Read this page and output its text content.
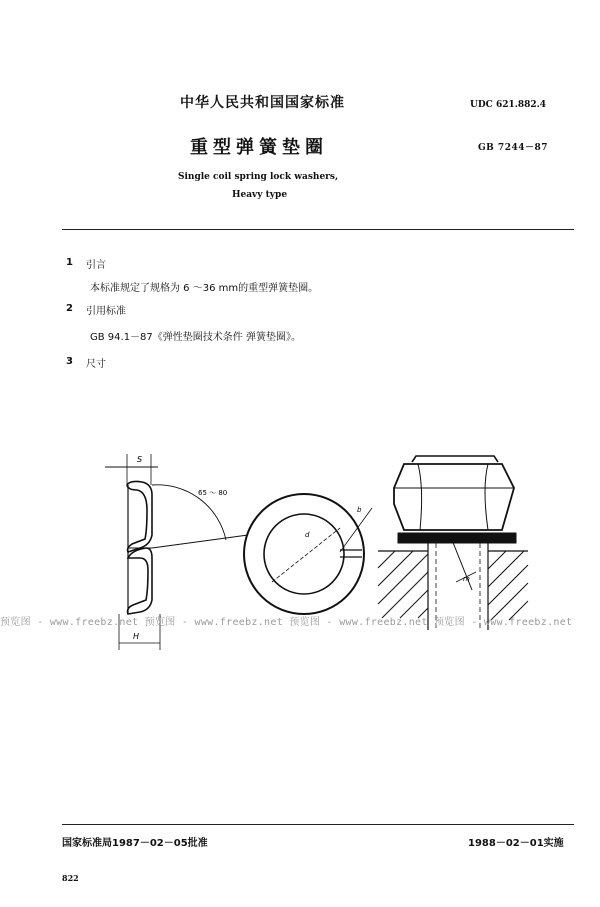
中华人民共和国国家标准	UDC 621.882.4
重型弹簧垫圈	GB 7244－87
Single coil spring lock washers,
Heavy type
1 引言
本标准规定了规格为 6 ～36 mm的重型弹簧垫圈。
2 引用标准
GB 94.1－87《弹性垫圈技术条件 弹簧垫圈》。
3 尺寸
S
H
65 ～ 80
d
b
m
预览图 - www.freebz.net 预览图 - www.freebz.net 预览图 - www.freebz.net 预览图 - www.freebz.net
国家标准局1987－02－05批准	1988－02－01实施
822
